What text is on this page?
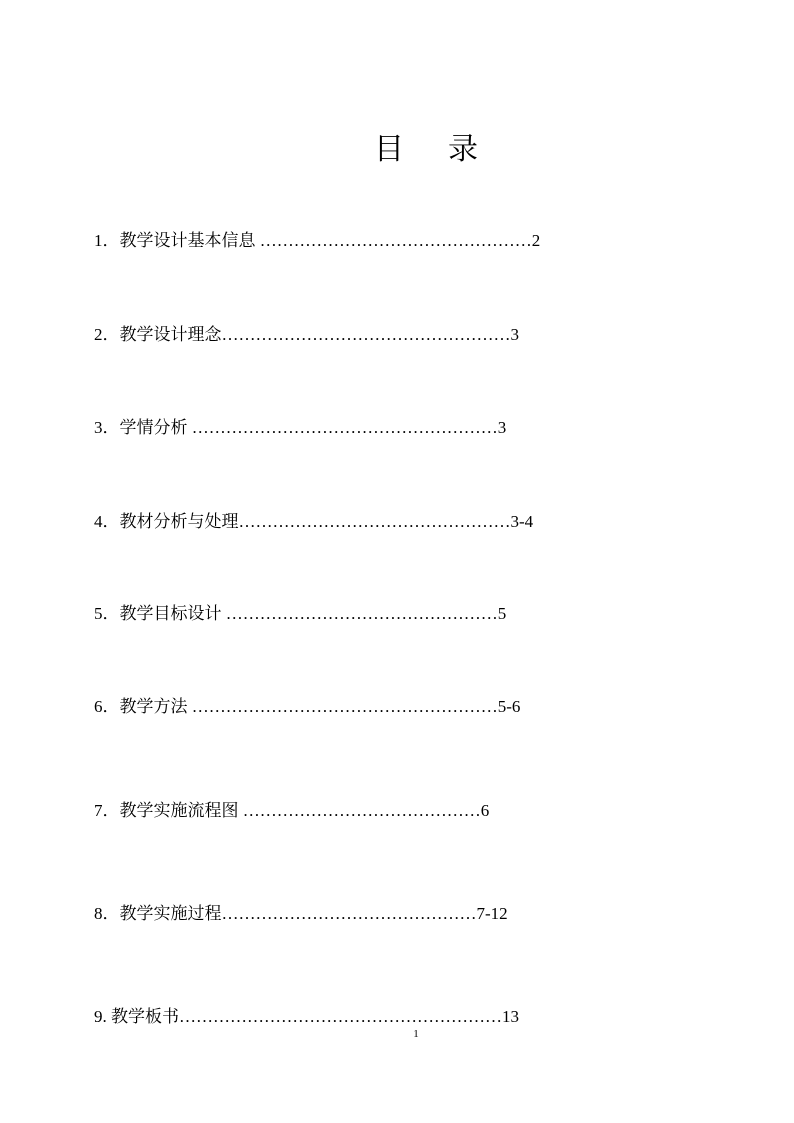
目 录
1．教学设计基本信息 …………………………………………2
2．教学设计理念……………………………………………3
3．学情分析 ………………………………………………3
4．教材分析与处理…………………………………………3-4
5．教学目标设计 …………………………………………5
6．教学方法 ………………………………………………5-6
7．教学实施流程图 ……………………………………6
8．教学实施过程………………………………………7-12
9. 教学板书…………………………………………………13
1
